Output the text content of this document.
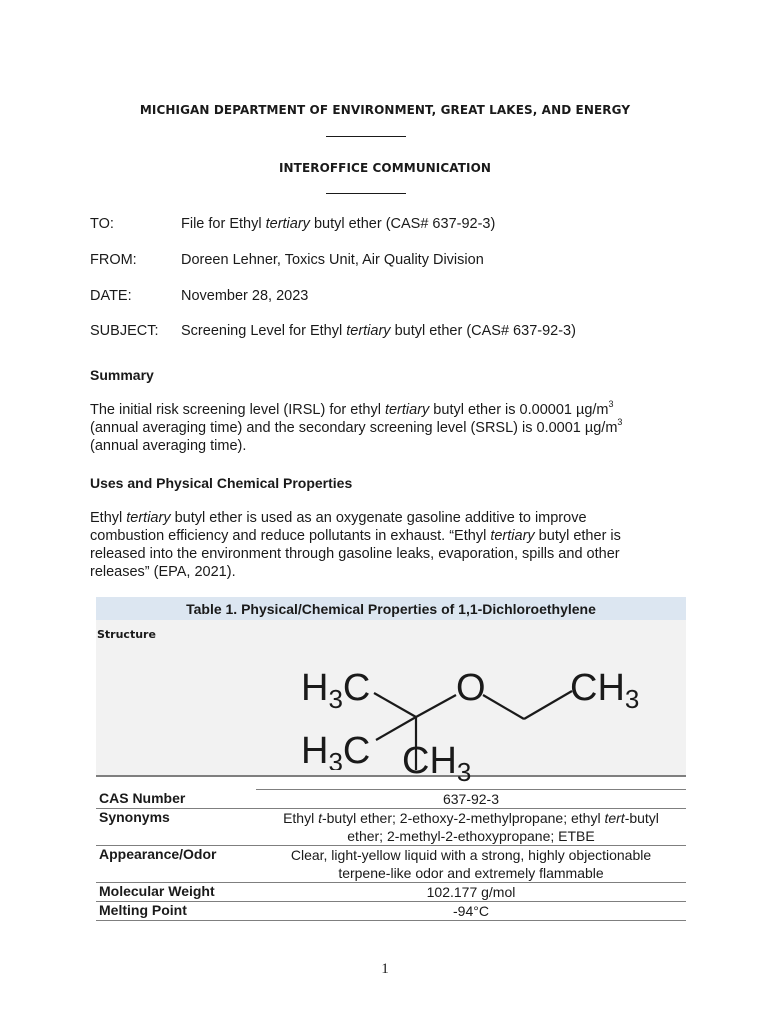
MICHIGAN DEPARTMENT OF ENVIRONMENT, GREAT LAKES, AND ENERGY
INTEROFFICE COMMUNICATION
TO:	File for Ethyl tertiary butyl ether (CAS# 637-92-3)
FROM:	Doreen Lehner, Toxics Unit, Air Quality Division
DATE:	November 28, 2023
SUBJECT: Screening Level for Ethyl tertiary butyl ether (CAS# 637-92-3)
Summary
The initial risk screening level (IRSL) for ethyl tertiary butyl ether is 0.00001 $\mu g/m^3$
(annual averaging time) and the secondary screening level (SRSL) is 0.0001 $\mu g/m^3$
(annual averaging time).
Uses and Physical Chemical Properties
Ethyl tertiary butyl ether is used as an oxygenate gasoline additive to improve
combustion efficiency and reduce pollutants in exhaust. “Ethyl tertiary butyl ether is
released into the environment through gasoline leaks, evaporation, spills and other
releases” (EPA, 2021).
Table 1. Physical/Chemical Properties of 1,1-Dichloroethylene
Structure	
$H_3C$ O $CH_3$
$H_3C$ $CH_3$
CAS Number	637-92-3
Synonyms	Ethyl t-butyl ether; 2-ethoxy-2-methylpropane; ethyl tert-butyl
ether; 2-methyl-2-ethoxypropane; ETBE

Appearance/Odor	Clear, light-yellow liquid with a strong, highly objectionable
terpene-like odor and extremely flammable

Molecular Weight	102.177 g/mol
Melting Point	-94°C
1
